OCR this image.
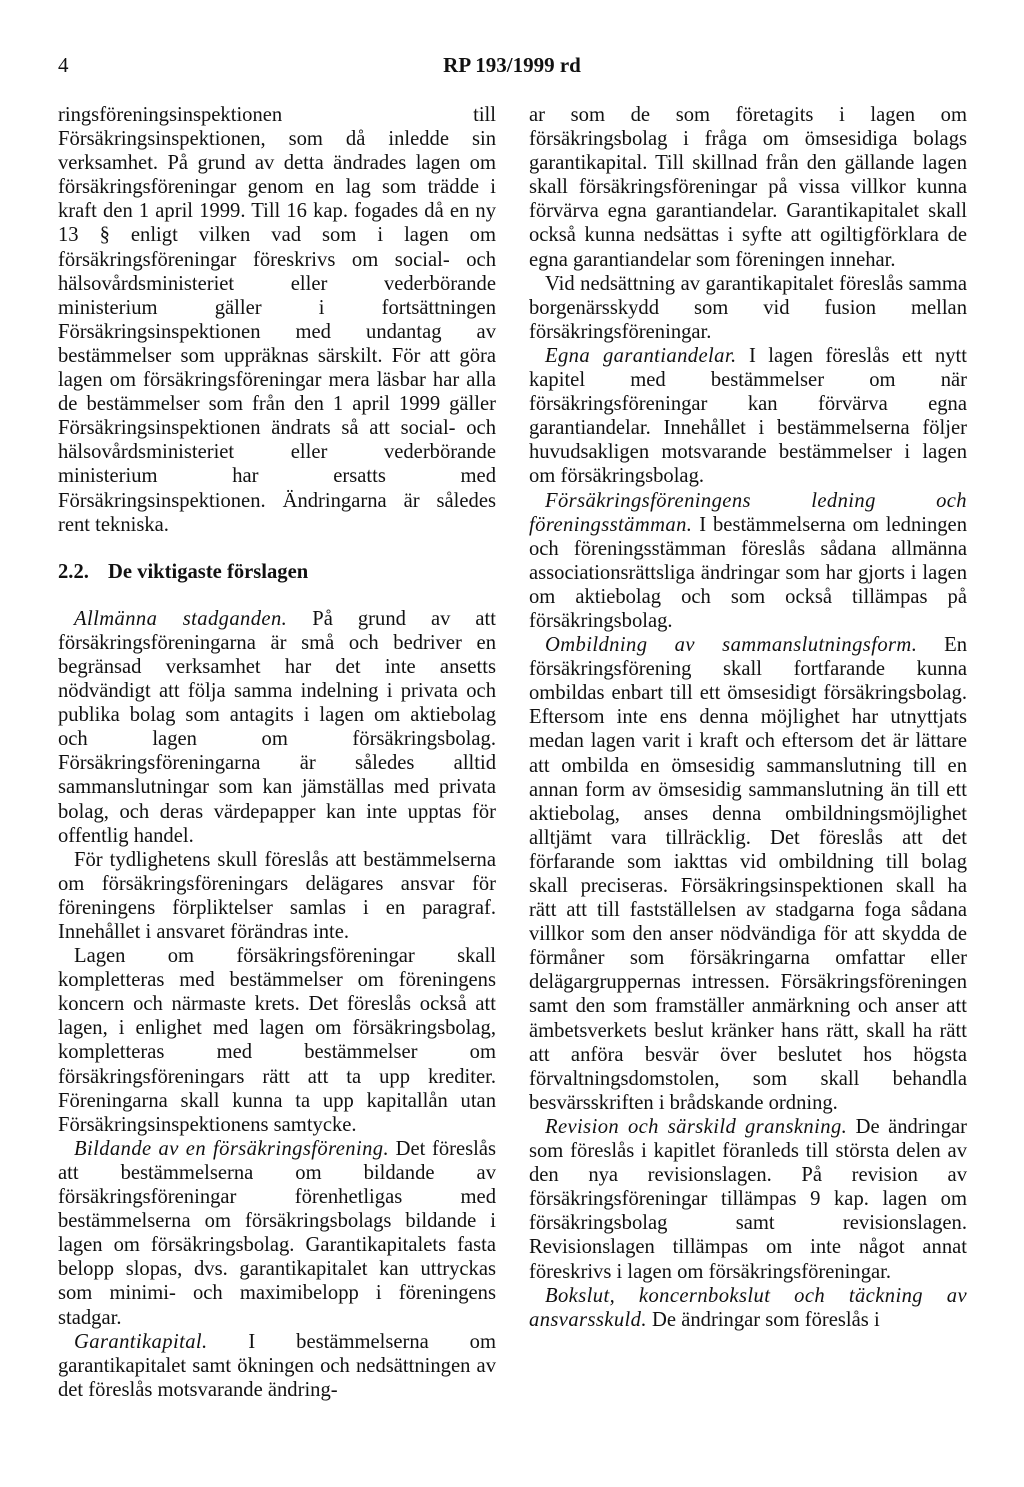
4	RP 193/1999 rd

ringsföreningsinspektionen till Försäkringsinspektionen, som då inledde sin verksamhet. På grund av detta ändrades lagen om försäkringsföreningar genom en lag som trädde i kraft den 1 april 1999. Till 16 kap. fogades då en ny 13 § enligt vilken vad som i lagen om försäkringsföreningar föreskrivs om social- och hälsovårdsministeriet eller vederbörande ministerium gäller i fortsättningen Försäkringsinspektionen med undantag av bestämmelser som uppräknas särskilt. För att göra lagen om försäkringsföreningar mera läsbar har alla de bestämmelser som från den 1 april 1999 gäller Försäkringsinspektionen ändrats så att social- och hälsovårdsministeriet eller vederbörande ministerium har ersatts med Försäkringsinspektionen. Ändringarna är således rent tekniska.

2.2. De viktigaste förslagen

Allmänna stadganden. På grund av att försäkringsföreningarna är små och bedriver en begränsad verksamhet har det inte ansetts nödvändigt att följa samma indelning i privata och publika bolag som antagits i lagen om aktiebolag och lagen om försäkringsbolag. Försäkringsföreningarna är således alltid sammanslutningar som kan jämställas med privata bolag, och deras värdepapper kan inte upptas för offentlig handel.

För tydlighetens skull föreslås att bestämmelserna om försäkringsföreningars delägares ansvar för föreningens förpliktelser samlas i en paragraf. Innehållet i ansvaret förändras inte.

Lagen om försäkringsföreningar skall kompletteras med bestämmelser om föreningens koncern och närmaste krets. Det föreslås också att lagen, i enlighet med lagen om försäkringsbolag, kompletteras med bestämmelser om försäkringsföreningars rätt att ta upp krediter. Föreningarna skall kunna ta upp kapitallån utan Försäkringsinspektionens samtycke.

Bildande av en försäkringsförening. Det föreslås att bestämmelserna om bildande av försäkringsföreningar förenhetligas med bestämmelserna om försäkringsbolags bildande i lagen om försäkringsbolag. Garantikapitalets fasta belopp slopas, dvs. garantikapitalet kan uttryckas som minimi- och maximibelopp i föreningens stadgar.

Garantikapital. I bestämmelserna om garantikapitalet samt ökningen och nedsättningen av det föreslås motsvarande ändring-

ar som de som företagits i lagen om försäkringsbolag i fråga om ömsesidiga bolags garantikapital. Till skillnad från den gällande lagen skall försäkringsföreningar på vissa villkor kunna förvärva egna garantiandelar. Garantikapitalet skall också kunna nedsättas i syfte att ogiltigförklara de egna garantiandelar som föreningen innehar.

Vid nedsättning av garantikapitalet föreslås samma borgenärsskydd som vid fusion mellan försäkringsföreningar.

Egna garantiandelar. I lagen föreslås ett nytt kapitel med bestämmelser om när försäkringsföreningar kan förvärva egna garantiandelar. Innehållet i bestämmelserna följer huvudsakligen motsvarande bestämmelser i lagen om försäkringsbolag.

Försäkringsföreningens ledning och föreningsstämman. I bestämmelserna om ledningen och föreningsstämman föreslås sådana allmänna associationsrättsliga ändringar som har gjorts i lagen om aktiebolag och som också tillämpas på försäkringsbolag.

Ombildning av sammanslutningsform. En försäkringsförening skall fortfarande kunna ombildas enbart till ett ömsesidigt försäkringsbolag. Eftersom inte ens denna möjlighet har utnyttjats medan lagen varit i kraft och eftersom det är lättare att ombilda en ömsesidig sammanslutning till en annan form av ömsesidig sammanslutning än till ett aktiebolag, anses denna ombildningsmöjlighet alltjämt vara tillräcklig. Det föreslås att det förfarande som iakttas vid ombildning till bolag skall preciseras. Försäkringsinspektionen skall ha rätt att till fastställelsen av stadgarna foga sådana villkor som den anser nödvändiga för att skydda de förmåner som försäkringarna omfattar eller delägargruppernas intressen. Försäkringsföreningen samt den som framställer anmärkning och anser att ämbetsverkets beslut kränker hans rätt, skall ha rätt att anföra besvär över beslutet hos högsta förvaltningsdomstolen, som skall behandla besvärsskriften i brådskande ordning.

Revision och särskild granskning. De ändringar som föreslås i kapitlet föranleds till största delen av den nya revisionslagen. På revision av försäkringsföreningar tillämpas 9 kap. lagen om försäkringsbolag samt revisionslagen. Revisionslagen tillämpas om inte något annat föreskrivs i lagen om försäkringsföreningar.

Bokslut, koncernbokslut och täckning av ansvarsskuld. De ändringar som föreslås i
